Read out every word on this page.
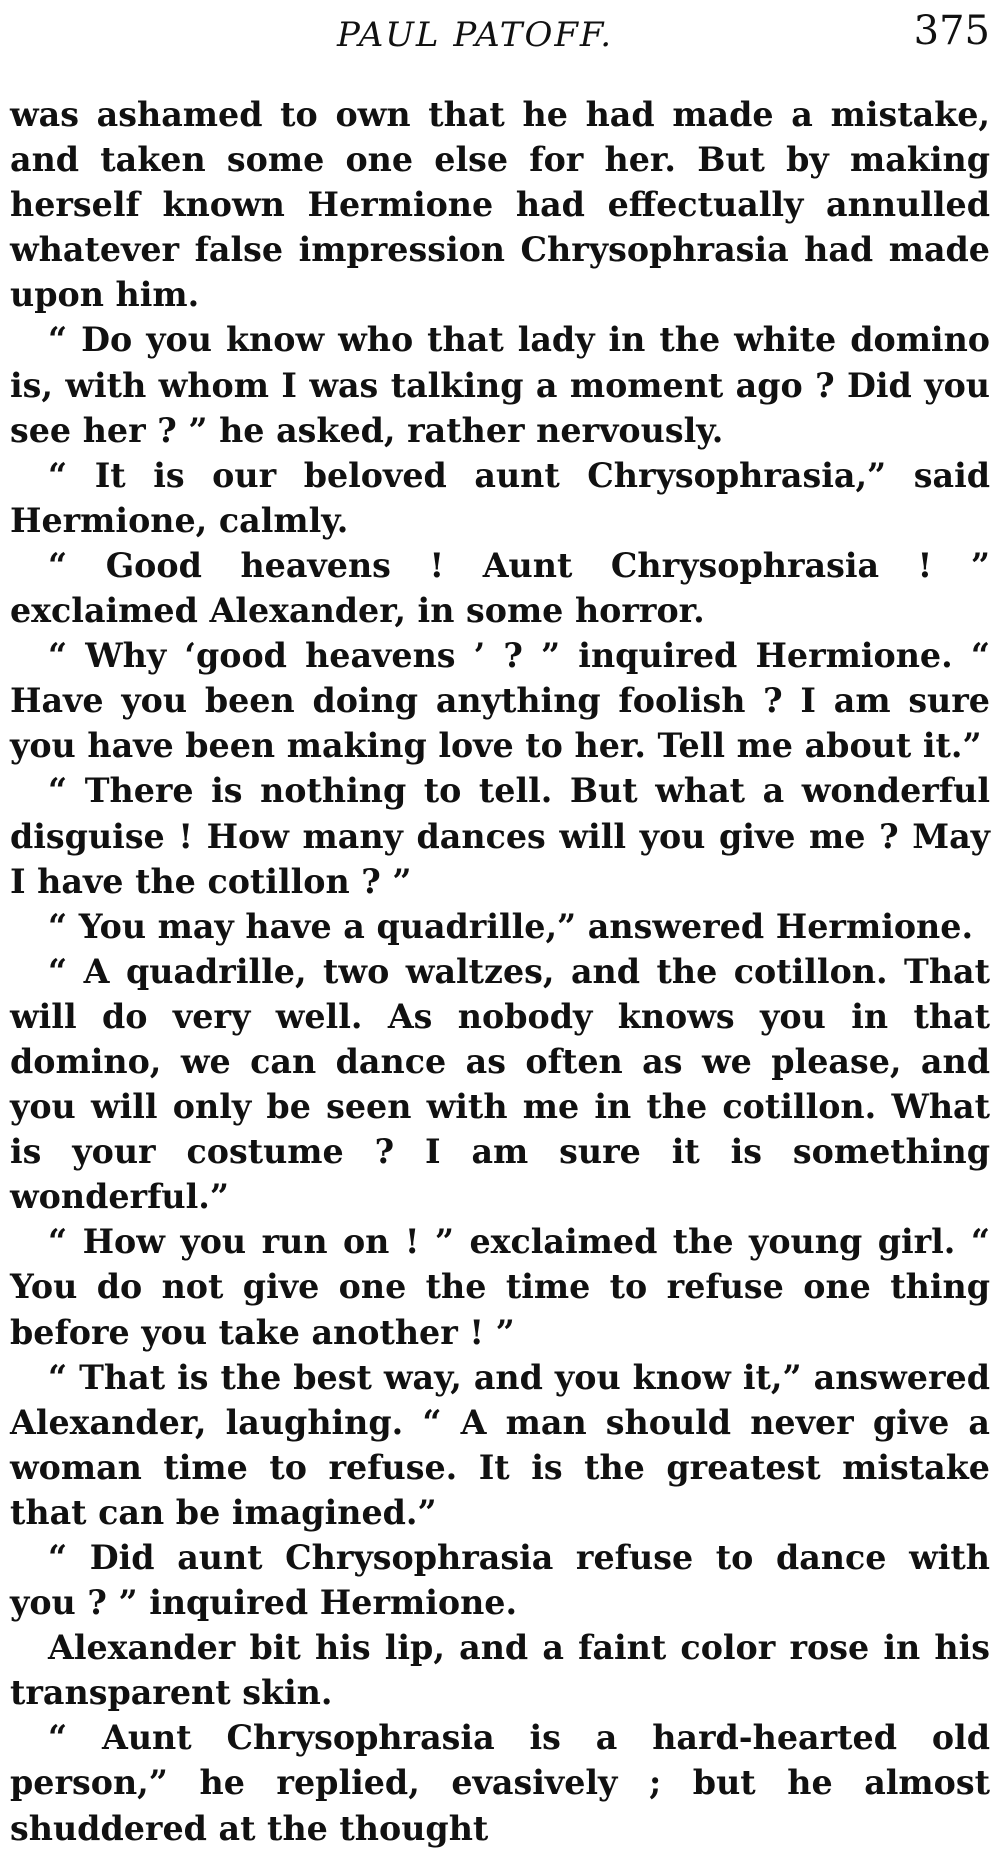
PAUL PATOFF.	375

was ashamed to own that he had made a mistake, and taken some one else for her. But by making herself known Hermione had effectually annulled whatever false impression Chrysophrasia had made upon him.

“ Do you know who that lady in the white domino is, with whom I was talking a moment ago ? Did you see her ? ” he asked, rather nervously.

“ It is our beloved aunt Chrysophrasia,” said Hermione, calmly.

“ Good heavens ! Aunt Chrysophrasia ! ” exclaimed Alexander, in some horror.

“ Why ‘good heavens ’ ? ” inquired Hermione. “ Have you been doing anything foolish ? I am sure you have been making love to her. Tell me about it.”

“ There is nothing to tell. But what a wonderful disguise ! How many dances will you give me ? May I have the cotillon ? ”

“ You may have a quadrille,” answered Hermione.

“ A quadrille, two waltzes, and the cotillon. That will do very well. As nobody knows you in that domino, we can dance as often as we please, and you will only be seen with me in the cotillon. What is your costume ? I am sure it is something wonderful.”

“ How you run on ! ” exclaimed the young girl. “ You do not give one the time to refuse one thing before you take another ! ”

“ That is the best way, and you know it,” answered Alexander, laughing. “ A man should never give a woman time to refuse. It is the greatest mistake that can be imagined.”

“ Did aunt Chrysophrasia refuse to dance with you ? ” inquired Hermione.

Alexander bit his lip, and a faint color rose in his transparent skin.

“ Aunt Chrysophrasia is a hard-hearted old person,” he replied, evasively ; but he almost shuddered at the thought
